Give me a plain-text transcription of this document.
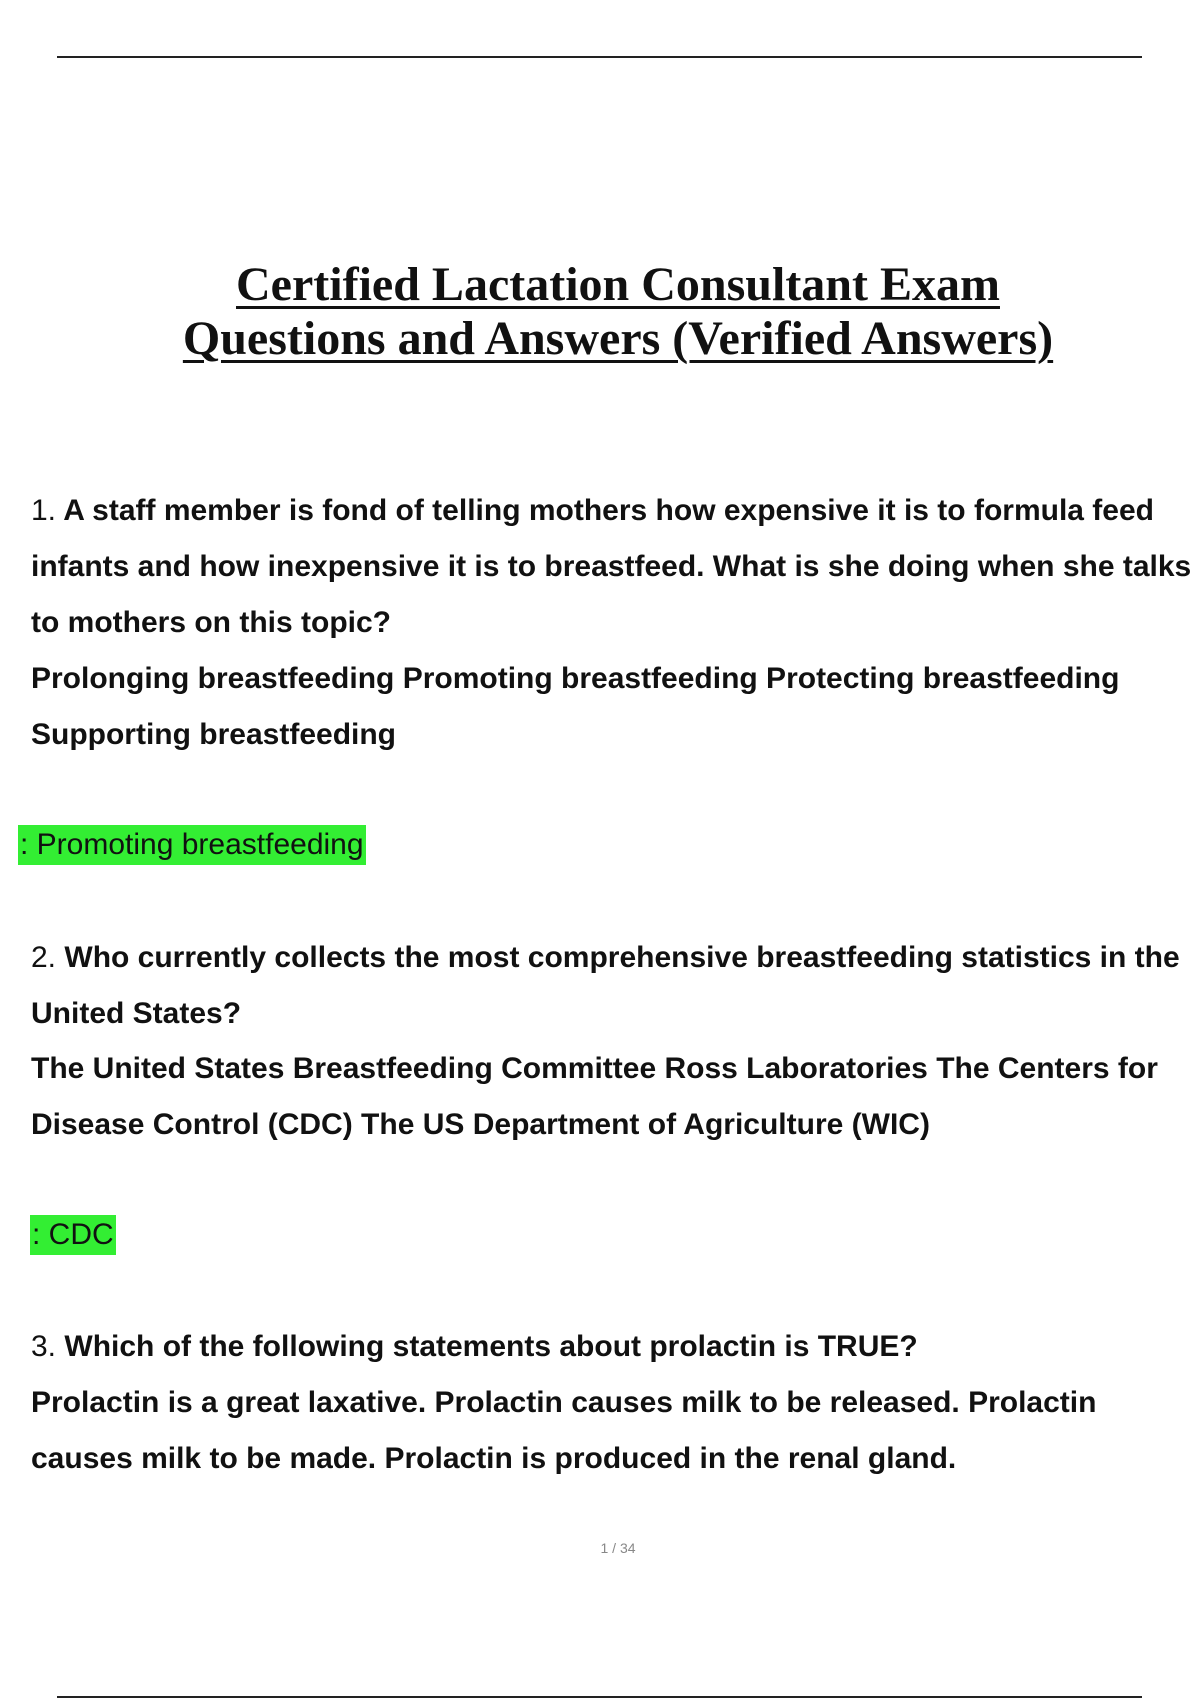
Certified Lactation Consultant Exam
Questions and Answers (Verified Answers)
1. A staff member is fond of telling mothers how expensive it is to formula feed infants and how inexpensive it is to breastfeed. What is she doing when she talks to mothers on this topic?
Prolonging breastfeeding Promoting breastfeeding Protecting breastfeeding Supporting breastfeeding
: Promoting breastfeeding
2. Who currently collects the most comprehensive breastfeeding statistics in the United States?
The United States Breastfeeding Committee Ross Laboratories The Centers for Disease Control (CDC) The US Department of Agriculture (WIC)
: CDC
3. Which of the following statements about prolactin is TRUE?
Prolactin is a great laxative. Prolactin causes milk to be released. Prolactin causes milk to be made. Prolactin is produced in the renal gland.
1 / 34
